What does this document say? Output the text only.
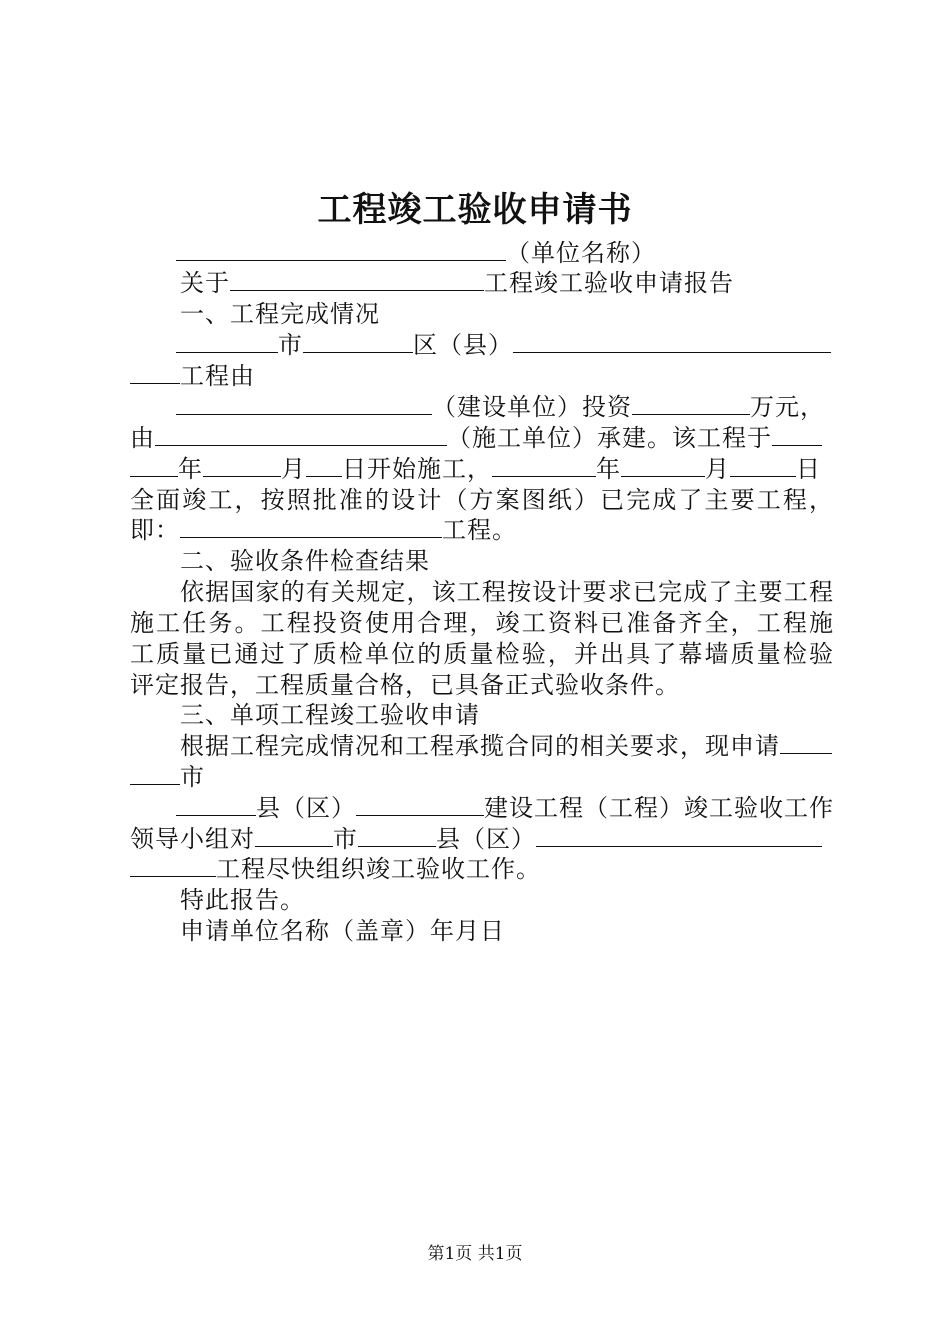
工程竣工验收申请书
（单位名称）
关于	工程竣工验收申请报告
一、工程完成情况
市	区（县）
工程由
（建设单位）投资	万元，
由	（施工单位）承建。该工程于
年	月 日开始施工，	年	月	日
全面竣工，按照批准的设计（方案图纸）已完成了主要工程，
即：	工程。
二、验收条件检查结果
依据国家的有关规定，该工程按设计要求已完成了主要工程
施工任务。工程投资使用合理，竣工资料已准备齐全，工程施
工质量已通过了质检单位的质量检验，并出具了幕墙质量检验
评定报告，工程质量合格，已具备正式验收条件。
三、单项工程竣工验收申请
根据工程完成情况和工程承揽合同的相关要求，现申请
市
县（区）	建设工程（工程）竣工验收工作
领导小组对	市	县（区）
工程尽快组织竣工验收工作。
特此报告。
申请单位名称（盖章）年月日
第1页 共1页
